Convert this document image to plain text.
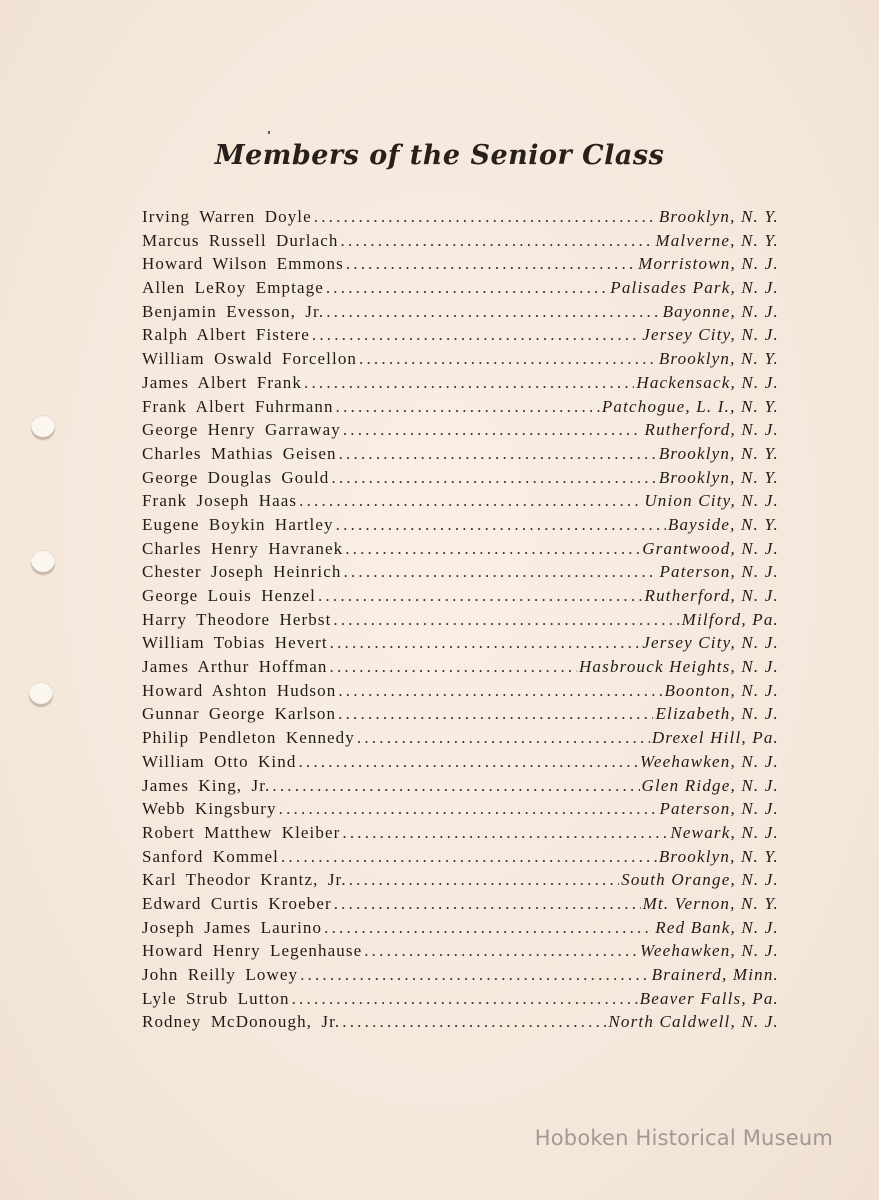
Members of the Senior Class
Irving Warren Doyle .....	Brooklyn, N. Y.
Marcus Russell Durlach .....	Malverne, N. Y.
Howard Wilson Emmons .....	Morristown, N. J.
Allen LeRoy Emptage .....	Palisades Park, N. J.
Benjamin Evesson, Jr. .....	Bayonne, N. J.
Ralph Albert Fistere .....	Jersey City, N. J.
William Oswald Forcellon .....	Brooklyn, N. Y.
James Albert Frank .....	Hackensack, N. J.
Frank Albert Fuhrmann .....	Patchogue, L. I., N. Y.
George Henry Garraway .....	Rutherford, N. J.
Charles Mathias Geisen .....	Brooklyn, N. Y.
George Douglas Gould .....	Brooklyn, N. Y.
Frank Joseph Haas .....	Union City, N. J.
Eugene Boykin Hartley .....	Bayside, N. Y.
Charles Henry Havranek .....	Grantwood, N. J.
Chester Joseph Heinrich .....	Paterson, N. J.
George Louis Henzel .....	Rutherford, N. J.
Harry Theodore Herbst .....	Milford, Pa.
William Tobias Hevert .....	Jersey City, N. J.
James Arthur Hoffman .....	Hasbrouck Heights, N. J.
Howard Ashton Hudson .....	Boonton, N. J.
Gunnar George Karlson .....	Elizabeth, N. J.
Philip Pendleton Kennedy .....	Drexel Hill, Pa.
William Otto Kind .....	Weehawken, N. J.
James King, Jr. .....	Glen Ridge, N. J.
Webb Kingsbury .....	Paterson, N. J.
Robert Matthew Kleiber .....	Newark, N. J.
Sanford Kommel .....	Brooklyn, N. Y.
Karl Theodor Krantz, Jr. .....	South Orange, N. J.
Edward Curtis Kroeber .....	Mt. Vernon, N. Y.
Joseph James Laurino .....	Red Bank, N. J.
Howard Henry Legenhause .....	Weehawken, N. J.
John Reilly Lowey .....	Brainerd, Minn.
Lyle Strub Lutton .....	Beaver Falls, Pa.
Rodney McDonough, Jr. .....	North Caldwell, N. J.
Hoboken Historical Museum
